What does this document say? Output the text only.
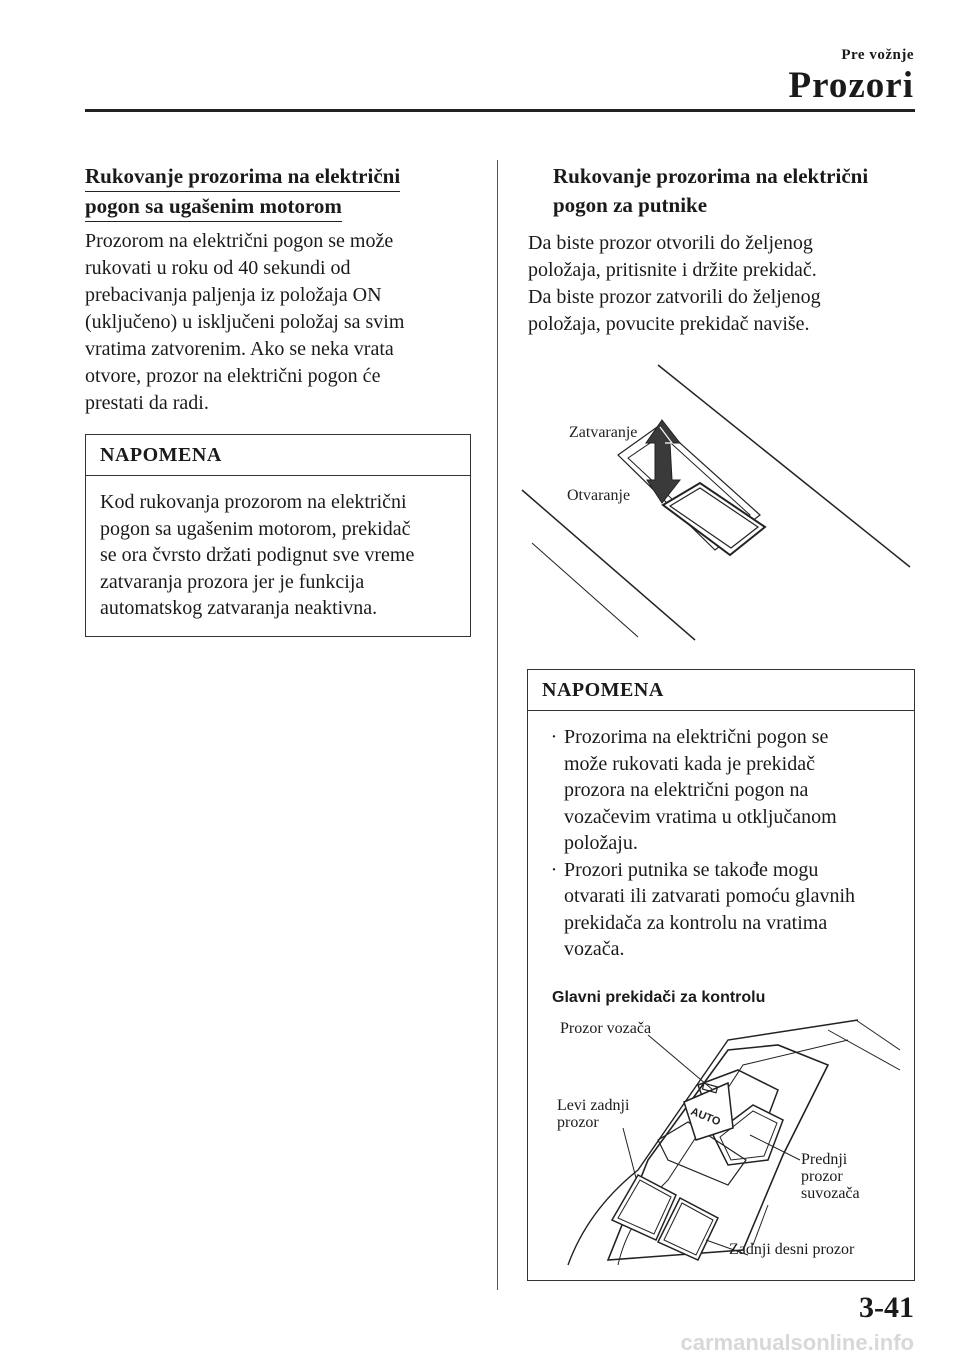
Pre vožnje
Prozori
Rukovanje prozorima na električni
pogon sa ugašenim motorom
Prozorom na električni pogon se može
rukovati u roku od 40 sekundi od
prebacivanja paljenja iz položaja ON
(uključeno) u isključeni položaj sa svim
vratima zatvorenim. Ako se neka vrata
otvore, prozor na električni pogon će
prestati da radi.
NAPOMENA
Kod rukovanja prozorom na električni
pogon sa ugašenim motorom, prekidač
se ora čvrsto držati podignut sve vreme
zatvaranja prozora jer je funkcija
automatskog zatvaranja neaktivna.
Rukovanje prozorima na električni
pogon za putnike
Da biste prozor otvorili do željenog
položaja, pritisnite i držite prekidač.
Da biste prozor zatvorili do željenog
položaja, povucite prekidač naviše.
Zatvaranje
Otvaranje
NAPOMENA
· Prozorima na električni pogon se
može rukovati kada je prekidač
prozora na električni pogon na
vozačevim vratima u otključanom
položaju.
· Prozori putnika se takođe mogu
otvarati ili zatvarati pomoću glavnih
prekidača za kontrolu na vratima
vozača.
Glavni prekidači za kontrolu
AUTO
Prozor vozača
Levi zadnji
prozor
Prednji
prozor
suvozača
Zadnji desni prozor
3-41
carmanualsonline.info
